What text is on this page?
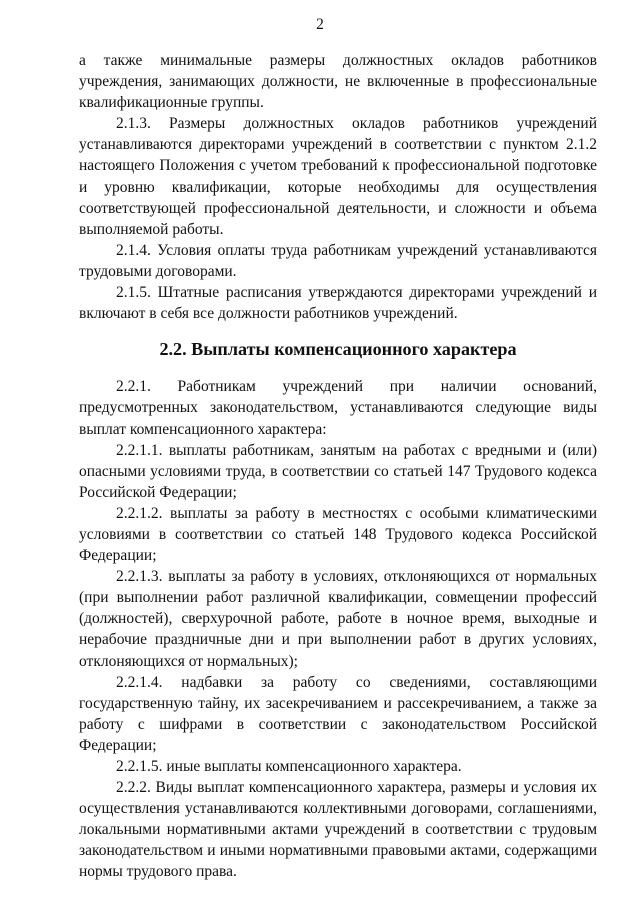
2

а также минимальные размеры должностных окладов работников учреждения, занимающих должности, не включенные в профессиональные квалификационные группы.

2.1.3. Размеры должностных окладов работников учреждений устанавливаются директорами учреждений в соответствии с пунктом 2.1.2 настоящего Положения с учетом требований к профессиональной подготовке и уровню квалификации, которые необходимы для осуществления соответствующей профессиональной деятельности, и сложности и объема выполняемой работы.

2.1.4. Условия оплаты труда работникам учреждений устанавливаются трудовыми договорами.

2.1.5. Штатные расписания утверждаются директорами учреждений и включают в себя все должности работников учреждений.

2.2. Выплаты компенсационного характера

2.2.1. Работникам учреждений при наличии оснований, предусмотренных законодательством, устанавливаются следующие виды выплат компенсационного характера:

2.2.1.1. выплаты работникам, занятым на работах с вредными и (или) опасными условиями труда, в соответствии со статьей 147 Трудового кодекса Российской Федерации;

2.2.1.2. выплаты за работу в местностях с особыми климатическими условиями в соответствии со статьей 148 Трудового кодекса Российской Федерации;

2.2.1.3. выплаты за работу в условиях, отклоняющихся от нормальных (при выполнении работ различной квалификации, совмещении профессий (должностей), сверхурочной работе, работе в ночное время, выходные и нерабочие праздничные дни и при выполнении работ в других условиях, отклоняющихся от нормальных);

2.2.1.4. надбавки за работу со сведениями, составляющими государственную тайну, их засекречиванием и рассекречиванием, а также за работу с шифрами в соответствии с законодательством Российской Федерации;

2.2.1.5. иные выплаты компенсационного характера.

2.2.2. Виды выплат компенсационного характера, размеры и условия их осуществления устанавливаются коллективными договорами, соглашениями, локальными нормативными актами учреждений в соответствии с трудовым законодательством и иными нормативными правовыми актами, содержащими нормы трудового права.
